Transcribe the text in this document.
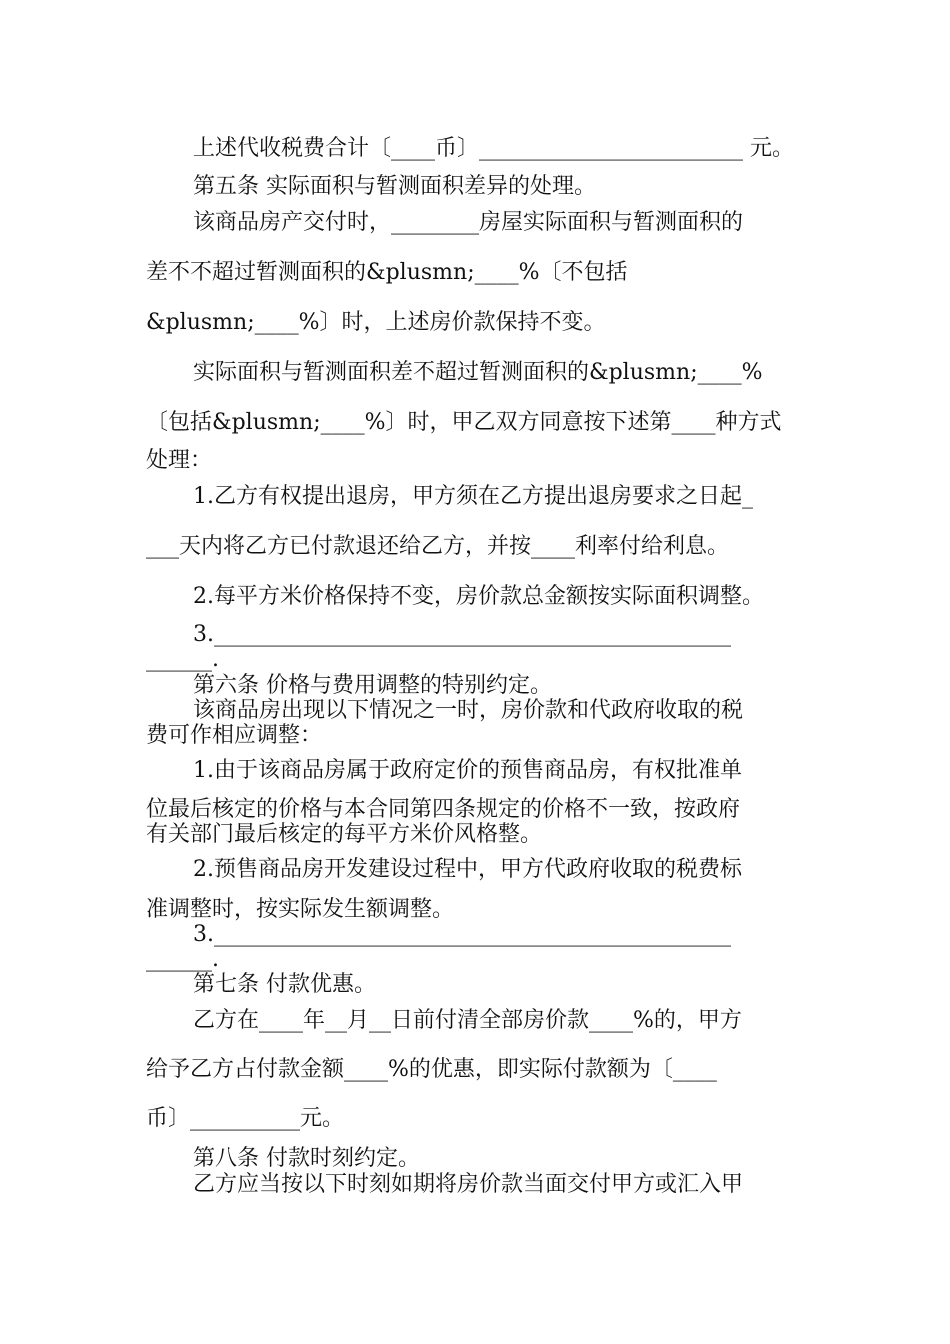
上述代收税费合计〔____币〕________________________ 元。
第五条 实际面积与暂测面积差异的处理。
该商品房产交付时，________房屋实际面积与暂测面积的
差不不超过暂测面积的&plusmn;____%〔不包括
&plusmn;____%〕时，上述房价款保持不变。
实际面积与暂测面积差不超过暂测面积的&plusmn;____%
〔包括&plusmn;____%〕时，甲乙双方同意按下述第____种方式
处理：
1.乙方有权提出退房，甲方须在乙方提出退房要求之日起_
___天内将乙方已付款退还给乙方，并按____利率付给利息。
2.每平方米价格保持不变，房价款总金额按实际面积调整。
3._______________________________________________
______.
第六条 价格与费用调整的特别约定。
该商品房出现以下情况之一时，房价款和代政府收取的税
费可作相应调整：
1.由于该商品房属于政府定价的预售商品房，有权批准单
位最后核定的价格与本合同第四条规定的价格不一致，按政府
有关部门最后核定的每平方米价风格整。
2.预售商品房开发建设过程中，甲方代政府收取的税费标
准调整时，按实际发生额调整。
3._______________________________________________
______.
第七条 付款优惠。
乙方在____年__月__日前付清全部房价款____%的，甲方
给予乙方占付款金额____%的优惠，即实际付款额为〔____
币〕__________元。
第八条 付款时刻约定。
乙方应当按以下时刻如期将房价款当面交付甲方或汇入甲
